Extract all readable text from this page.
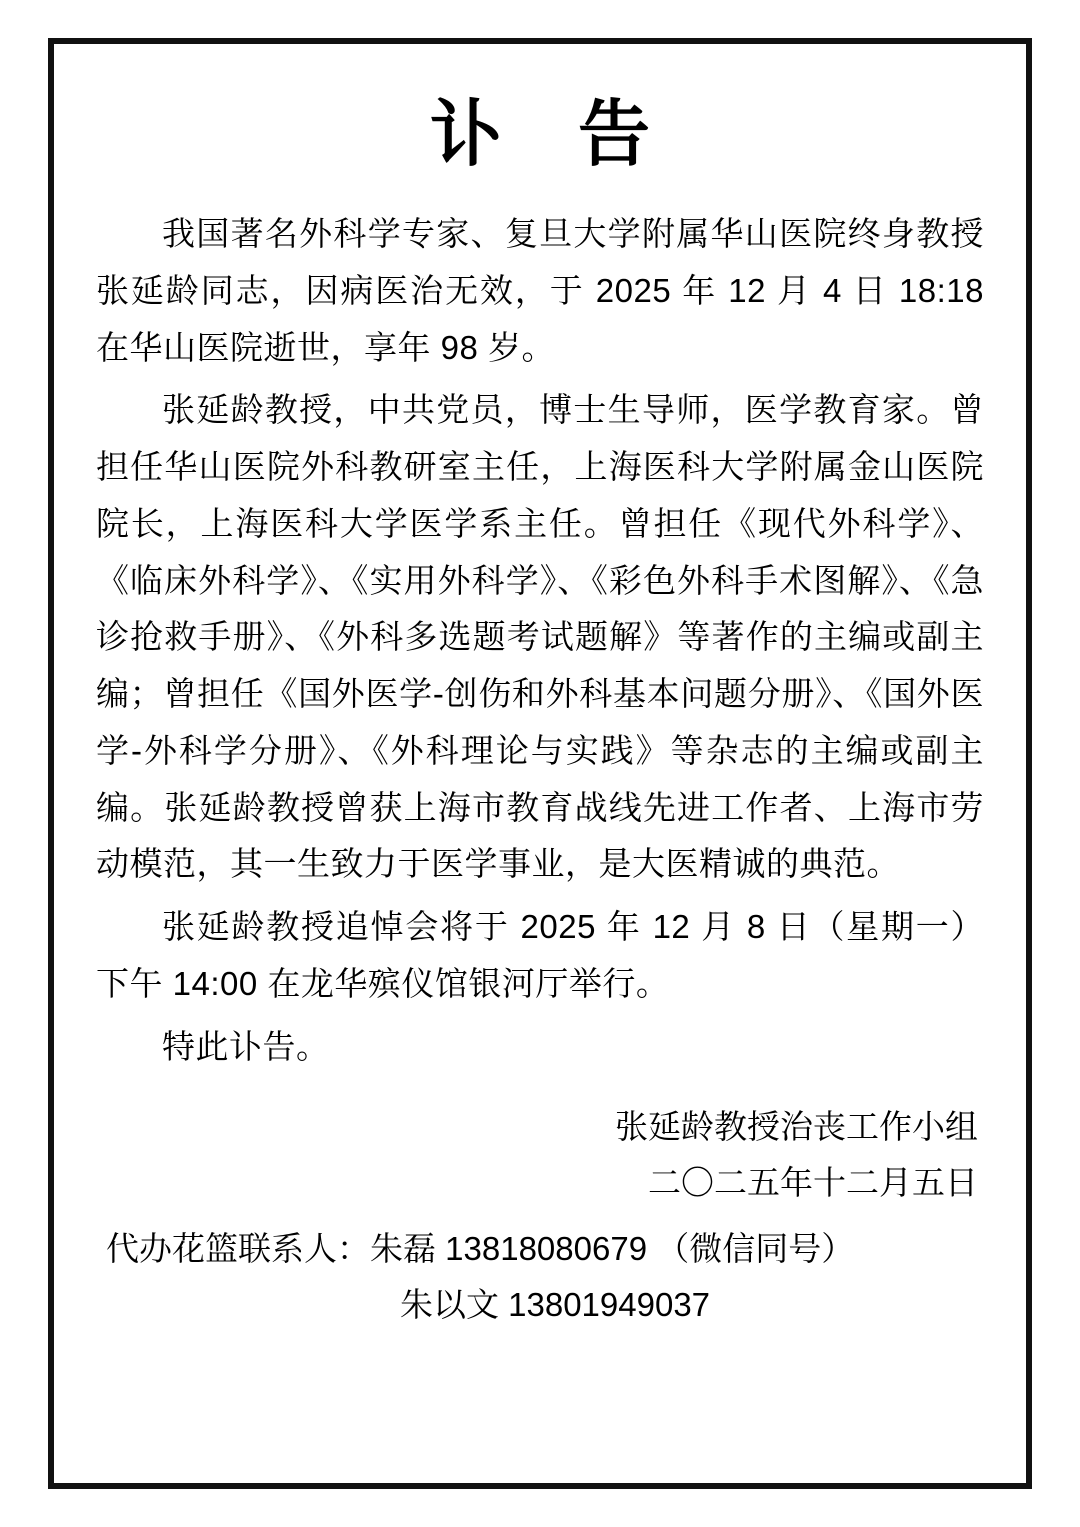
讣 告

我国著名外科学专家、复旦大学附属华山医院终身教授张延龄同志，因病医治无效，于 2025 年 12 月 4 日 18:18 在华山医院逝世，享年 98 岁。

张延龄教授，中共党员，博士生导师，医学教育家。曾担任华山医院外科教研室主任，上海医科大学附属金山医院院长，上海医科大学医学系主任。曾担任《现代外科学》、《临床外科学》、《实用外科学》、《彩色外科手术图解》、《急诊抢救手册》、《外科多选题考试题解》等著作的主编或副主编；曾担任《国外医学-创伤和外科基本问题分册》、《国外医学-外科学分册》、《外科理论与实践》等杂志的主编或副主编。张延龄教授曾获上海市教育战线先进工作者、上海市劳动模范，其一生致力于医学事业，是大医精诚的典范。

张延龄教授追悼会将于 2025 年 12 月 8 日（星期一）下午 14:00 在龙华殡仪馆银河厅举行。

特此讣告。

张延龄教授治丧工作小组
二〇二五年十二月五日
代办花篮联系人：朱磊 13818080679 （微信同号）
朱以文 13801949037
